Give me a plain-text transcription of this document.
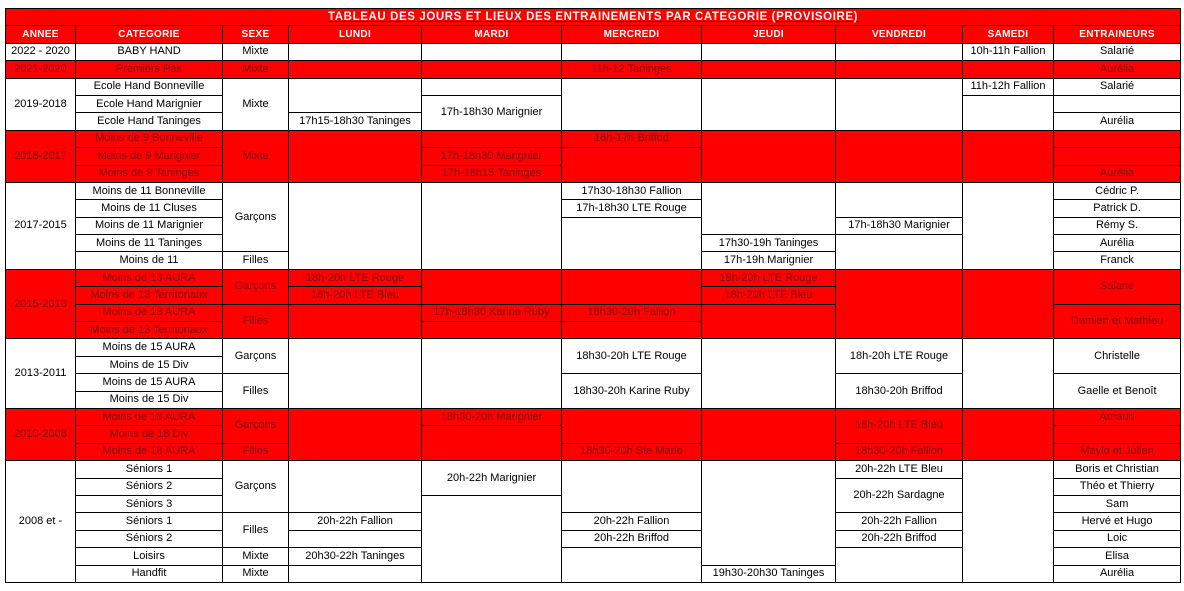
TABLEAU DES JOURS ET LIEUX DES ENTRAINEMENTS PAR CATEGORIE (PROVISOIRE)									
ANNEE	CATEGORIE	SEXE	LUNDI	MARDI	MERCREDI	JEUDI	VENDREDI	SAMEDI	ENTRAINEURS
2022 - 2020	BABY HAND	Mixte						10h-11h Fallion	Salarié
2021-2020	Premiers Pas	Mixte			11h-12 Taninges				Aurélia
2019-2018	Ecole Hand Bonneville	Mixte						11h-12h Fallion	Salarié
	Ecole Hand Marignier			17h-18h30 Marignier					
	Ecole Hand Taninges		17h15-18h30 Taninges						Aurélia
2018-2017	Moins de 9 Bonneville	Mixte			16h-17h Briffod				
	Moins de 9 Marignier			17h-18h30 Marignier					
	Moins de 9 Taninges			17h-18h15 Taninges					Aurélia
2017-2015	Moins de 11 Bonneville	Garçons			17h30-18h30 Fallion				Cédric P.
	Moins de 11 Cluses				17h-18h30 LTE Rouge				Patrick D.
	Moins de 11 Marignier						17h-18h30 Marignier		Rémy S.
	Moins de 11 Taninges					17h30-19h Taninges			Aurélia
	Moins de 11	Filles				17h-19h Marignier			Franck
2015-2013	Moins de 13 AURA	Garçons	18h-20h LTE Rouge			18h-20h LTE Rouge			Salarié
	Moins de 13 Territoriaux		18h-20h LTE Bleu			18h-20h LTE Bleu			
	Moins de 13 AURA	Filles		17h-18h30 Karine Ruby	18h30-20h Fallion				Damien et Mathieu
	Moins de 13 Territoriaux								
2013-2011	Moins de 15 AURA	Garçons			18h30-20h LTE Rouge		18h-20h LTE Rouge		Christelle
	Moins de 15 Div								
	Moins de 15 AURA	Filles			18h30-20h Karine Ruby		18h30-20h Briffod		Gaelle et Benoît
	Moins de 15 Div								
2010-2008	Moins de 18 AURA	Garçons		18h30-20h Marignier			18h-20h LTE Bleu		Arnaud
	Moins de 18 Div								
	Moins de 18 AURA	Filles			18h30-20h Ste Marie		18h30-20h Fallion		Maylo et Julien
2008 et -	Séniors 1	Garçons		20h-22h Marignier			20h-22h LTE Bleu		Boris et Christian
	Séniors 2						20h-22h Sardagne		Théo et Thierry
	Séniors 3								Sam
	Séniors 1	Filles	20h-22h Fallion		20h-22h Fallion		20h-22h Fallion		Hervé et Hugo
	Séniors 2				20h-22h Briffod		20h-22h Briffod		Loic
	Loisirs	Mixte	20h30-22h Taninges						Elisa
	Handfit	Mixte				19h30-20h30 Taninges			Aurélia
